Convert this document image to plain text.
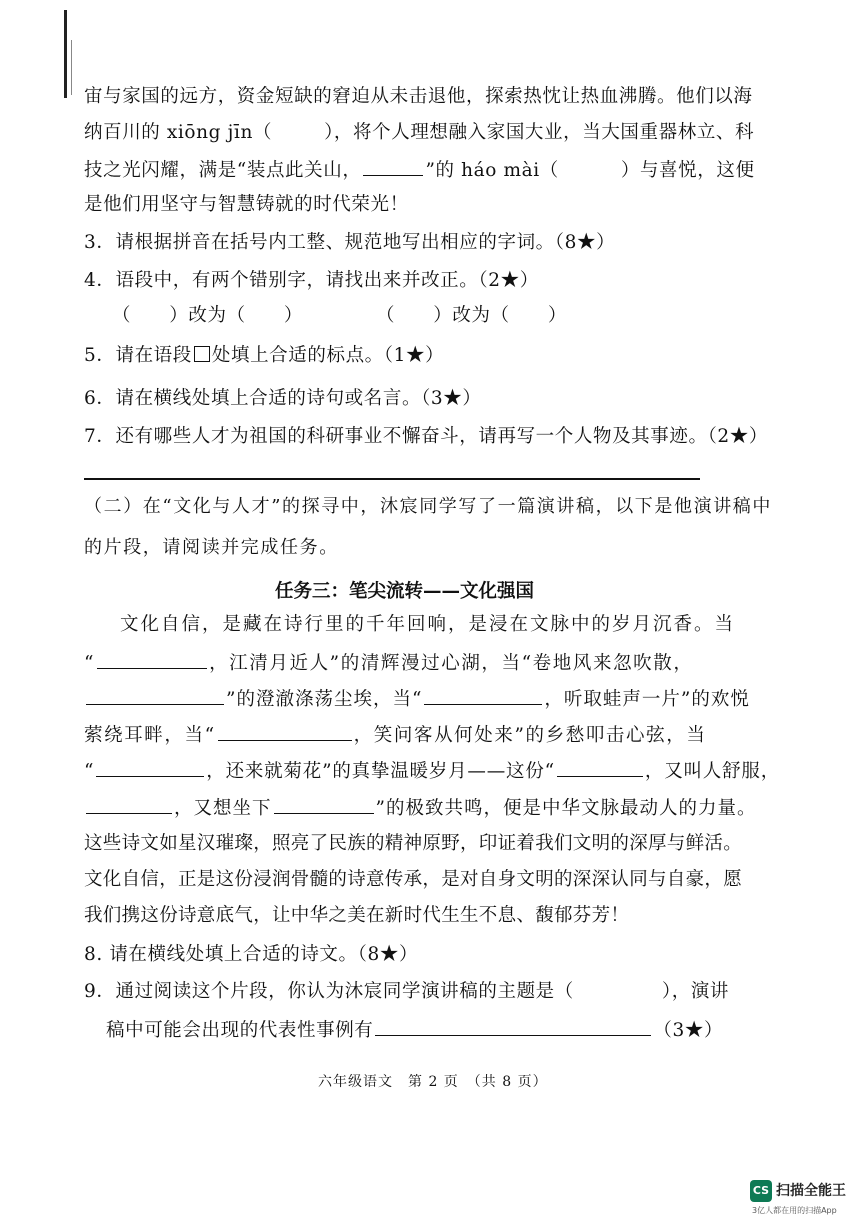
宙与家国的远方，资金短缺的窘迫从未击退他，探索热忱让热血沸腾。他们以海
纳百川的 xiōng jīn（	），将个人理想融入家国大业，当大国重器林立、科
技之光闪耀，满是“装点此关山，	”的 háo mài（	）与喜悦，这便
是他们用坚守与智慧铸就的时代荣光！
3．请根据拼音在括号内工整、规范地写出相应的字词。（8★）
4．语段中，有两个错别字，请找出来并改正。（2★）
（　　）改为（　　）	（　　）改为（　　）
5．请在语段 处填上合适的标点。（1★）
6．请在横线处填上合适的诗句或名言。（3★）
7．还有哪些人才为祖国的科研事业不懈奋斗，请再写一个人物及其事迹。（2★）
（二）在“文化与人才”的探寻中，沐宸同学写了一篇演讲稿，以下是他演讲稿中
的片段，请阅读并完成任务。
任务三：笔尖流转——文化强国
文化自信，是藏在诗行里的千年回响，是浸在文脉中的岁月沉香。当
“	，江清月近人”的清辉漫过心湖，当“卷地风来忽吹散，
”的澄澈涤荡尘埃，当“	，听取蛙声一片”的欢悦
萦绕耳畔，当“	，笑问客从何处来”的乡愁叩击心弦，当
“	，还来就菊花”的真挚温暖岁月——这份“	，又叫人舒服，
，又想坐下	”的极致共鸣，便是中华文脉最动人的力量。
这些诗文如星汉璀璨，照亮了民族的精神原野，印证着我们文明的深厚与鲜活。
文化自信，正是这份浸润骨髓的诗意传承，是对自身文明的深深认同与自豪，愿
我们携这份诗意底气，让中华之美在新时代生生不息、馥郁芬芳！
8. 请在横线处填上合适的诗文。（8★）
9．通过阅读这个片段，你认为沐宸同学演讲稿的主题是（	），演讲
稿中可能会出现的代表性事例有	（3★）
六年级语文　第 2 页　（共 8 页）
CS 扫描全能王
3亿人都在用的扫描App
